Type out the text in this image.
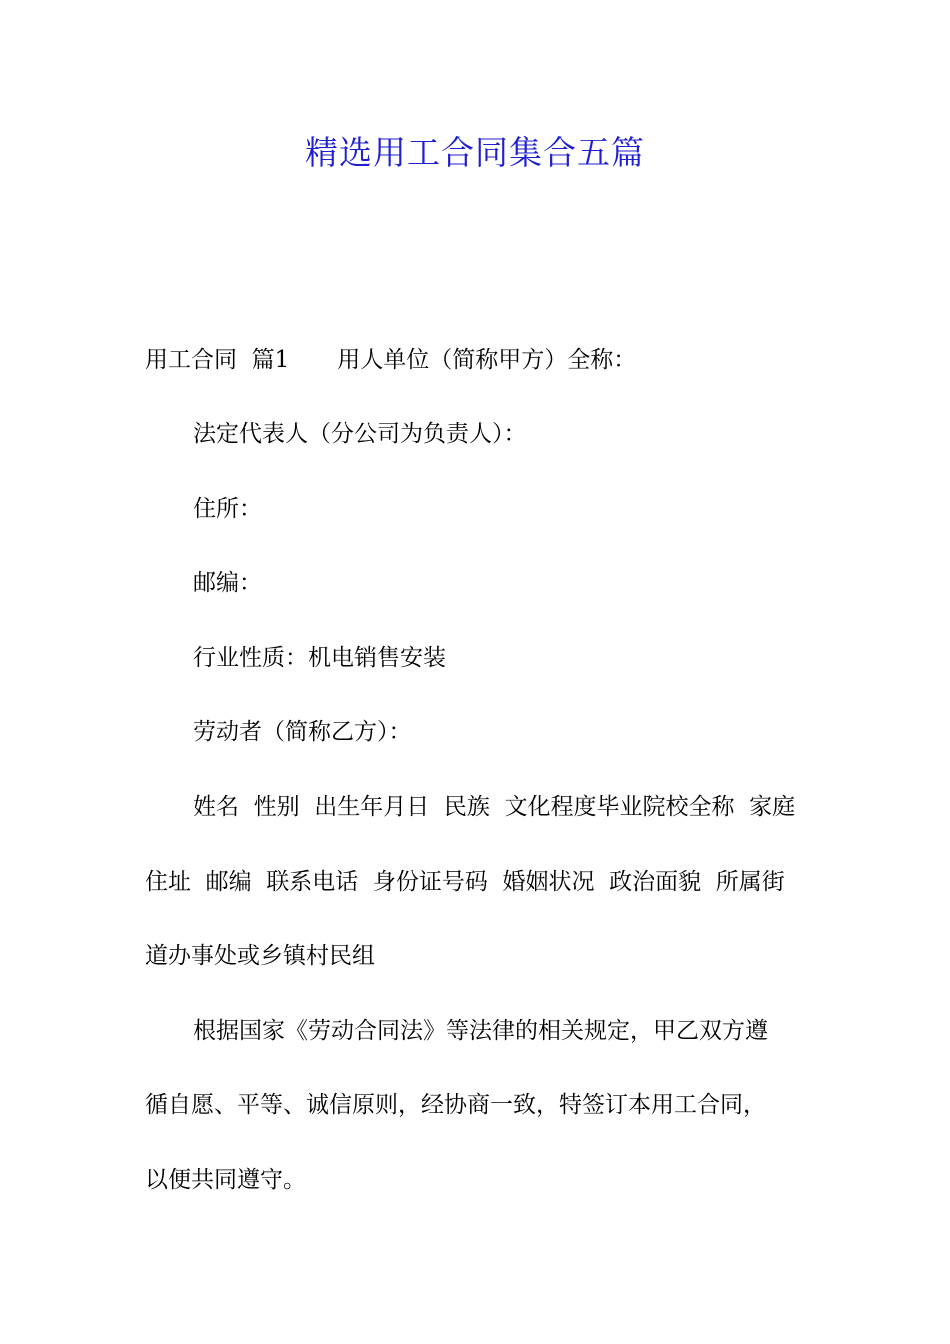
精选用工合同集合五篇

用工合同  篇1 用人单位（简称甲方）全称：

法定代表人（分公司为负责人）：

住所：

邮编：

行业性质：机电销售安装

劳动者（简称乙方）：

姓名  性别  出生年月日  民族  文化程度毕业院校全称  家庭

住址  邮编  联系电话  身份证号码  婚姻状况  政治面貌  所属街

道办事处或乡镇村民组

根据国家《劳动合同法》等法律的相关规定，甲乙双方遵

循自愿、平等、诚信原则，经协商一致，特签订本用工合同，

以便共同遵守。
